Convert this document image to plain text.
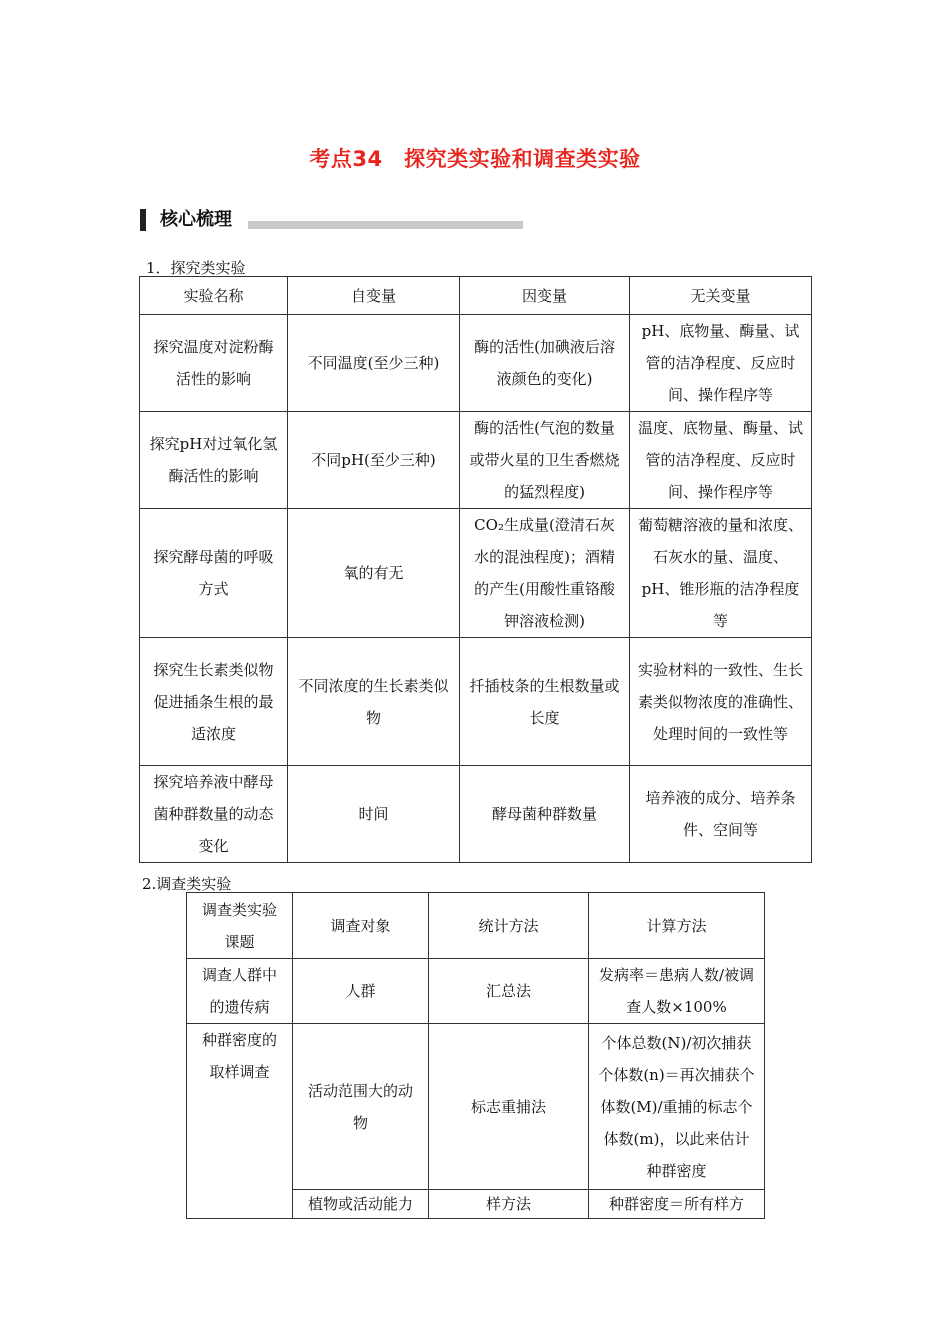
考点34　探究类实验和调查类实验
核心梳理
1．探究类实验
实验名称	自变量	因变量	无关变量
探究温度对淀粉酶活性的影响	不同温度(至少三种)	酶的活性(加碘液后溶液颜色的变化)	pH、底物量、酶量、试管的洁净程度、反应时间、操作程序等
探究pH对过氧化氢酶活性的影响	不同pH(至少三种)	酶的活性(气泡的数量或带火星的卫生香燃烧的猛烈程度)	温度、底物量、酶量、试管的洁净程度、反应时间、操作程序等
探究酵母菌的呼吸方式	氧的有无	CO₂生成量(澄清石灰水的混浊程度)；酒精的产生(用酸性重铬酸钾溶液检测)	葡萄糖溶液的量和浓度、石灰水的量、温度、pH、锥形瓶的洁净程度等
探究生长素类似物促进插条生根的最适浓度	不同浓度的生长素类似物	扦插枝条的生根数量或长度	实验材料的一致性、生长素类似物浓度的准确性、处理时间的一致性等
探究培养液中酵母菌种群数量的动态变化	时间	酵母菌种群数量	培养液的成分、培养条件、空间等
2.调查类实验
调查类实验课题	调查对象	统计方法	计算方法
调查人群中的遗传病	人群	汇总法	发病率＝患病人数/被调查人数×100%
种群密度的取样调查	活动范围大的动物	标志重捕法	个体总数(N)/初次捕获个体数(n)＝再次捕获个体数(M)/重捕的标志个体数(m)，以此来估计种群密度
	植物或活动能力	样方法	种群密度＝所有样方
